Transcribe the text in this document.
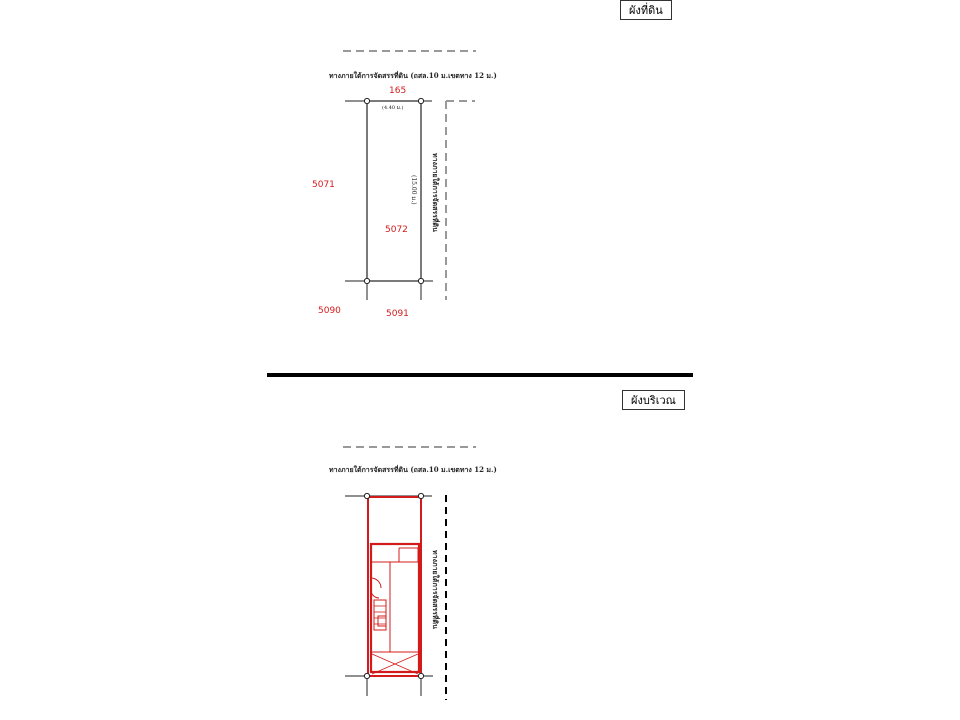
ผังที่ดิน
ทางภายใต้การจัดสรรที่ดิน (ถสล.10 ม.เขตทาง 12 ม.)
165
(4.40 ม.)
5071
5072
(15.00 ม.) ทางภายใต้การจัดสรรที่ดิน
5090	5091
ผังบริเวณ
ทางภายใต้การจัดสรรที่ดิน (ถสล.10 ม.เขตทาง 12 ม.)
ทางภายใต้การจัดสรรที่ดิน
